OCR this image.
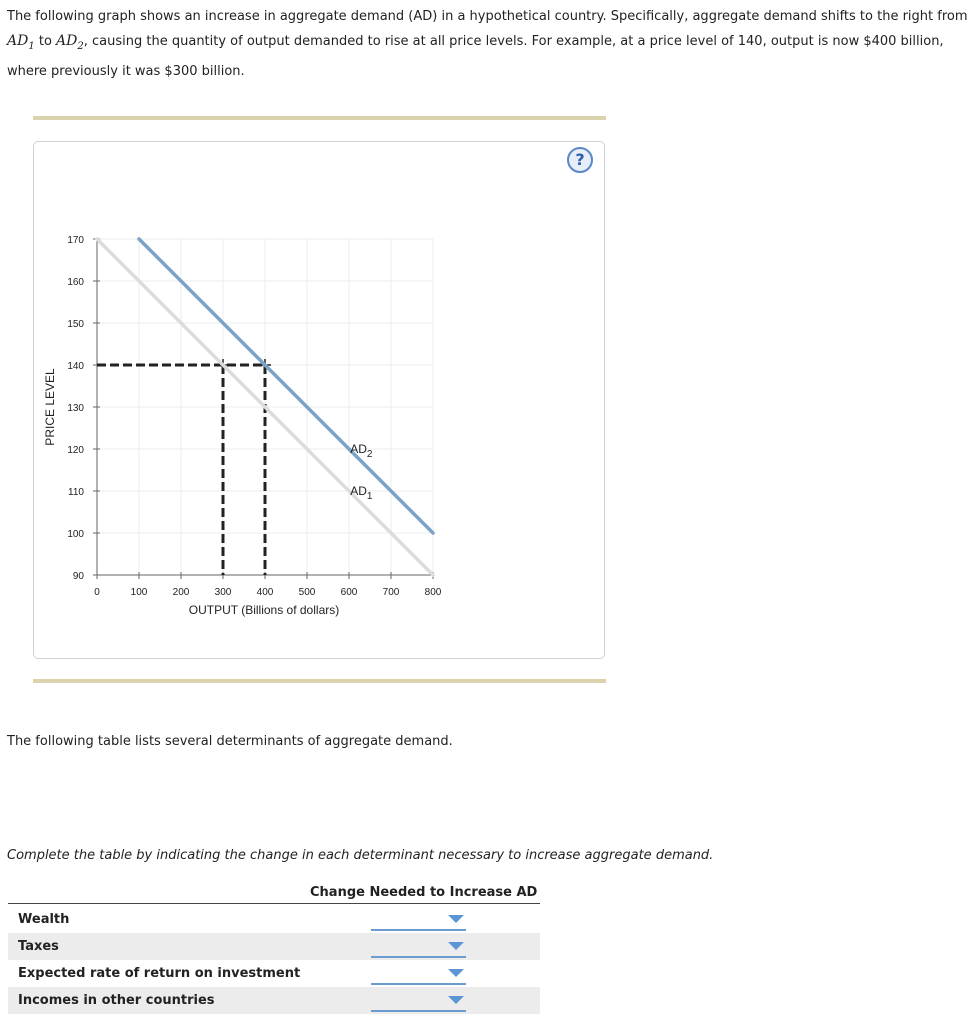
The following graph shows an increase in aggregate demand (AD) in a hypothetical country. Specifically, aggregate demand shifts to the right from $AD_1$ to $AD_2$, causing the quantity of output demanded to rise at all price levels. For example, at a price level of 140, output is now $400 billion, where previously it was $300 billion.
?
90
100
110
120
130
140
150
160
170
0	100	200	300	400	500	600	700	800
OUTPUT (Billions of dollars)
PRICE LEVEL
$AD_1$
$AD_2$
The following table lists several determinants of aggregate demand.
Complete the table by indicating the change in each determinant necessary to increase aggregate demand.
Change Needed to Increase AD
Wealth
Taxes
Expected rate of return on investment
Incomes in other countries
